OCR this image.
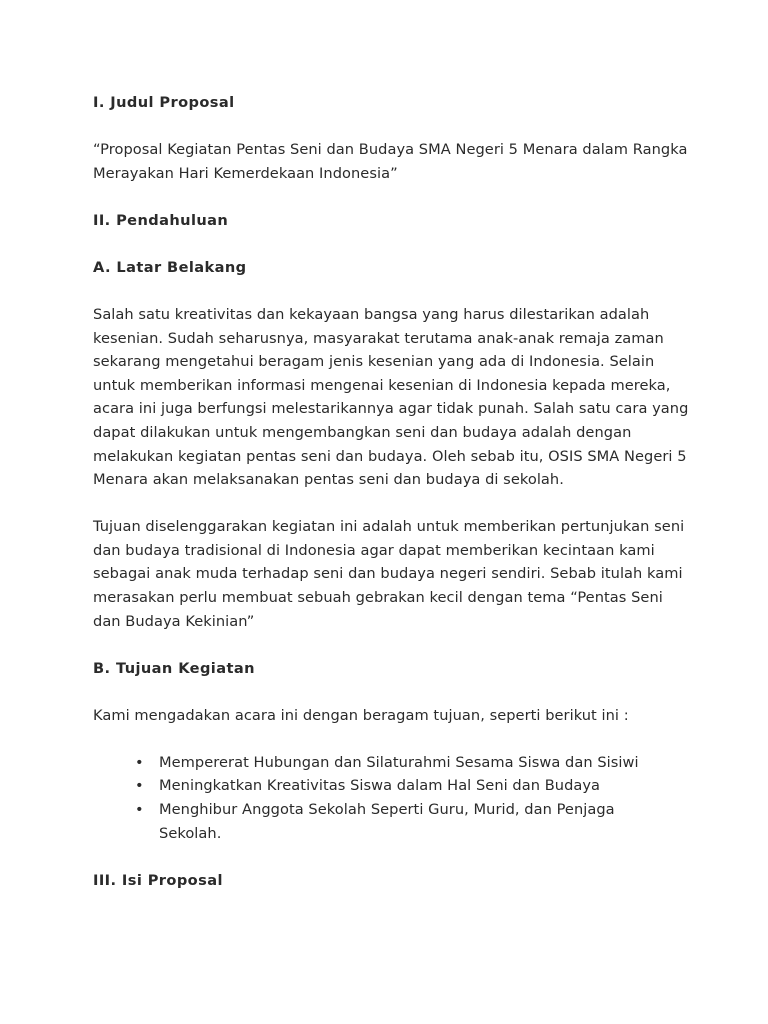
I. Judul Proposal

“Proposal Kegiatan Pentas Seni dan Budaya SMA Negeri 5 Menara dalam Rangka Merayakan Hari Kemerdekaan Indonesia”

II. Pendahuluan
A. Latar Belakang

Salah satu kreativitas dan kekayaan bangsa yang harus dilestarikan adalah kesenian. Sudah seharusnya, masyarakat terutama anak-anak remaja zaman sekarang mengetahui beragam jenis kesenian yang ada di Indonesia. Selain untuk memberikan informasi mengenai kesenian di Indonesia kepada mereka, acara ini juga berfungsi melestarikannya agar tidak punah. Salah satu cara yang dapat dilakukan untuk mengembangkan seni dan budaya adalah dengan melakukan kegiatan pentas seni dan budaya. Oleh sebab itu, OSIS SMA Negeri 5 Menara akan melaksanakan pentas seni dan budaya di sekolah.

Tujuan diselenggarakan kegiatan ini adalah untuk memberikan pertunjukan seni dan budaya tradisional di Indonesia agar dapat memberikan kecintaan kami sebagai anak muda terhadap seni dan budaya negeri sendiri. Sebab itulah kami merasakan perlu membuat sebuah gebrakan kecil dengan tema “Pentas Seni dan Budaya Kekinian”

B. Tujuan Kegiatan

Kami mengadakan acara ini dengan beragam tujuan, seperti berikut ini :

• Mempererat Hubungan dan Silaturahmi Sesama Siswa dan Sisiwi
• Meningkatkan Kreativitas Siswa dalam Hal Seni dan Budaya
• Menghibur Anggota Sekolah Seperti Guru, Murid, dan Penjaga Sekolah.
III. Isi Proposal
